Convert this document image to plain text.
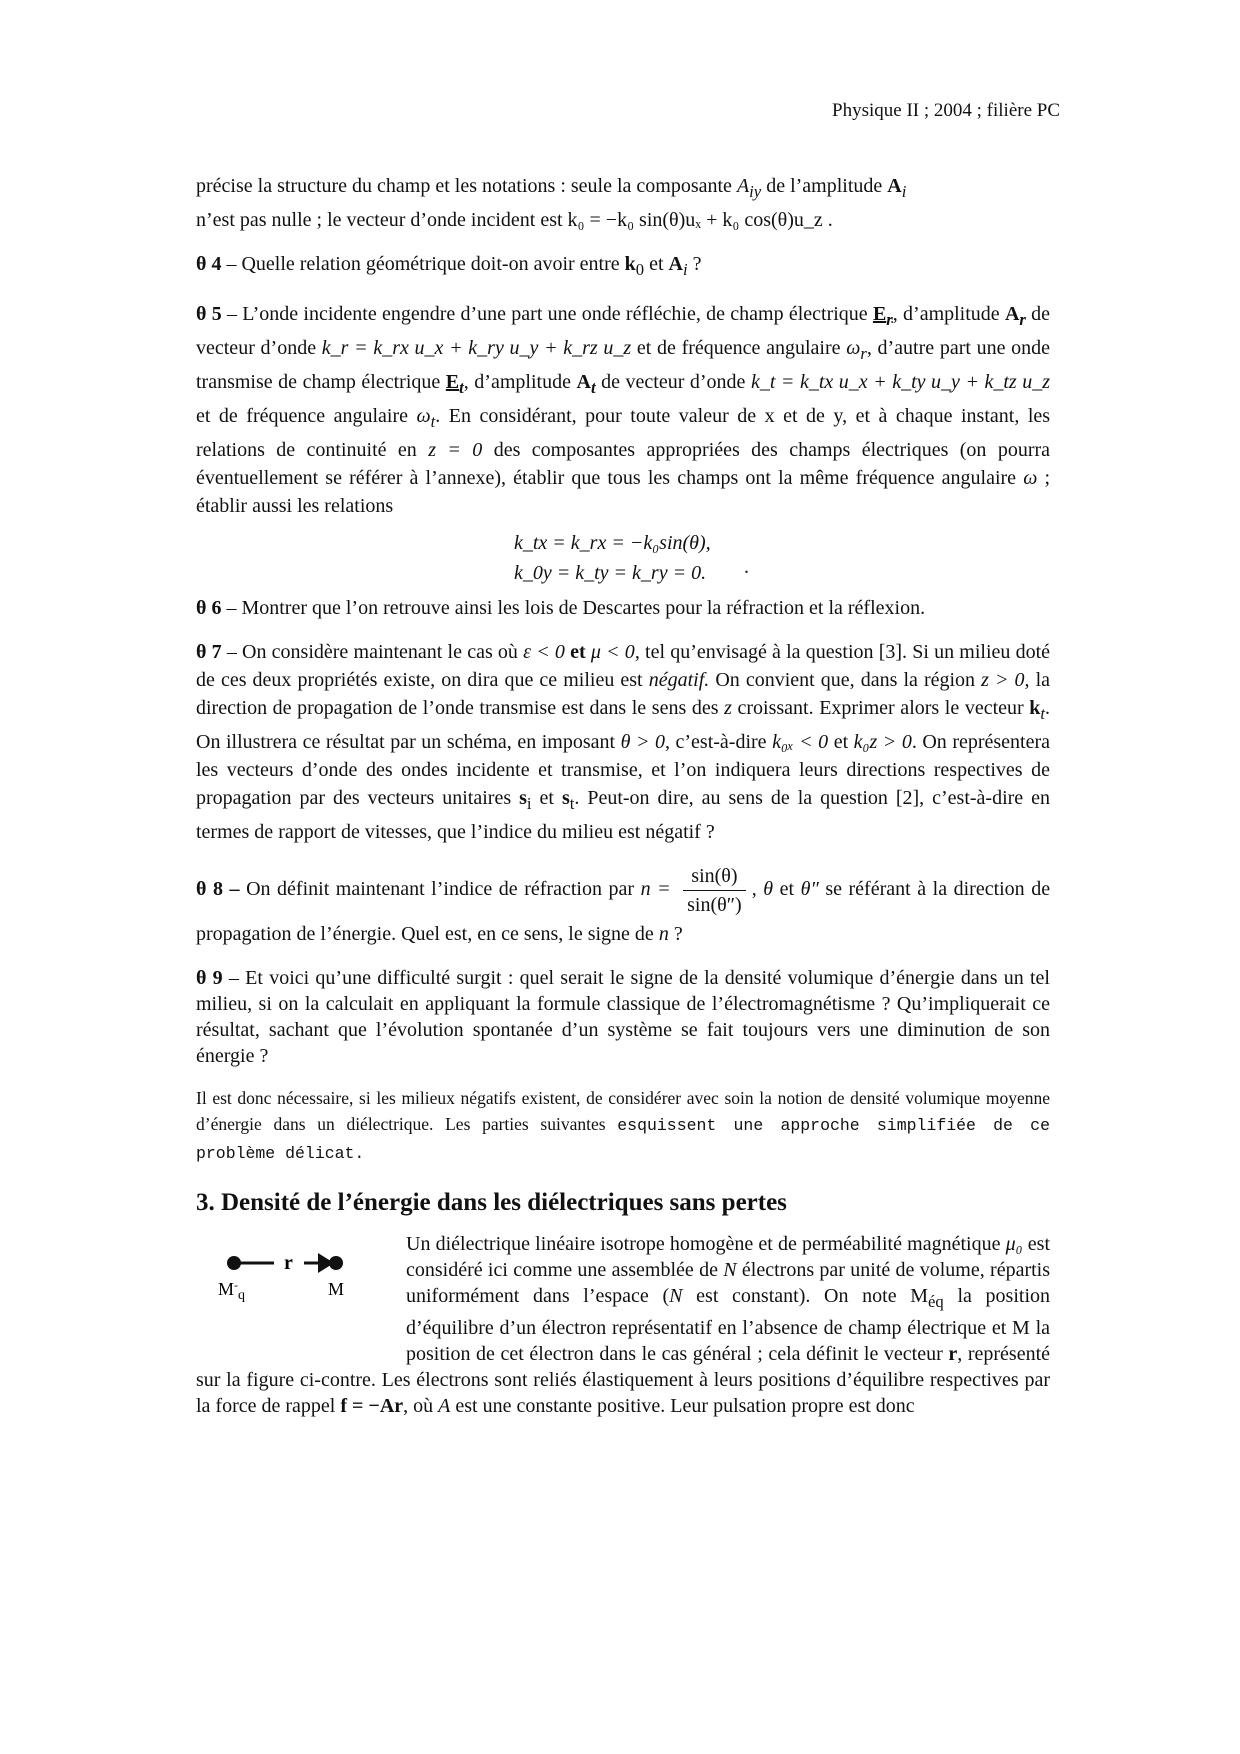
Physique II ; 2004 ; filière PC

précise la structure du champ et les notations : seule la composante $A_{iy}$ de l’amplitude $A_i$
n’est pas nulle ; le vecteur d’onde incident est k₀ = −k₀ sin(θ)uₓ + k₀ cos(θ)u_z .

θ 4 – Quelle relation géométrique doit-on avoir entre $k_0$ et $A_i$ ?

θ 5 – L’onde incidente engendre d’une part une onde réfléchie, de champ électrique $E_r$, d’amplitude $A_r$ de vecteur d’onde k_r = k_rx u_x + k_ry u_y + k_rz u_z et de fréquence angulaire $\omega_r$, d’autre part une onde transmise de champ électrique $E_t$, d’amplitude $A_t$ de vecteur d’onde k_t = k_tx u_x + k_ty u_y + k_tz u_z et de fréquence angulaire $\omega_t$. En considérant, pour toute valeur de x et de y, et à chaque instant, les relations de continuité en z = 0 des composantes appropriées des champs électriques (on pourra éventuellement se référer à l’annexe), établir que tous les champs ont la même fréquence angulaire ω ; établir aussi les relations

k_tx = k_rx = −k₀sin(θ),
k_0y = k_ty = k_ry = 0.	.

θ 6 – Montrer que l’on retrouve ainsi les lois de Descartes pour la réfraction et la réflexion.

θ 7 – On considère maintenant le cas où ε < 0 et μ < 0, tel qu’envisagé à la question [3]. Si un milieu doté de ces deux propriétés existe, on dira que ce milieu est négatif. On convient que, dans la région z > 0, la direction de propagation de l’onde transmise est dans le sens des z croissant. Exprimer alors le vecteur $k_t$. On illustrera ce résultat par un schéma, en imposant θ > 0, c’est-à-dire k₀ₓ < 0 et k₀z > 0. On représentera les vecteurs d’onde des ondes incidente et transmise, et l’on indiquera leurs directions respectives de propagation par des vecteurs unitaires $s_i$ et $s_t$. Peut-on dire, au sens de la question [2], c’est-à-dire en termes de rapport de vitesses, que l’indice du milieu est négatif ?

θ 8 – On définit maintenant l’indice de réfraction par $n = \frac{\sin(\theta)}{\sin(\theta'')}$ , θ et θ″ se référant à la direction de propagation de l’énergie. Quel est, en ce sens, le signe de n ?

θ 9 – Et voici qu’une difficulté surgit : quel serait le signe de la densité volumique d’énergie dans un tel milieu, si on la calculait en appliquant la formule classique de l’électromagnétisme ? Qu’impliquerait ce résultat, sachant que l’évolution spontanée d’un système se fait toujours vers une diminution de son énergie ?

Il est donc nécessaire, si les milieux négatifs existent, de considérer avec soin la notion de densité volumique moyenne d’énergie dans un diélectrique. Les parties suivantes esquissent une approche simplifiée de ce problème délicat.

3. Densité de l’énergie dans les diélectriques sans pertes
r
$M^-_q$	M
Un diélectrique linéaire isotrope homogène et de perméabilité magnétique μ₀ est considéré ici comme une assemblée de N électrons par unité de volume, répartis uniformément dans l’espace (N est constant). On note $M_{éq}$ la position d’équilibre d’un électron représentatif en l’absence de champ électrique et M la position de cet électron dans le cas général ; cela définit le vecteur r, représenté sur la figure ci-contre. Les électrons sont reliés élastiquement à leurs positions d’équilibre respectives par la force de rappel f = −Ar, où A est une constante positive. Leur pulsation propre est donc
